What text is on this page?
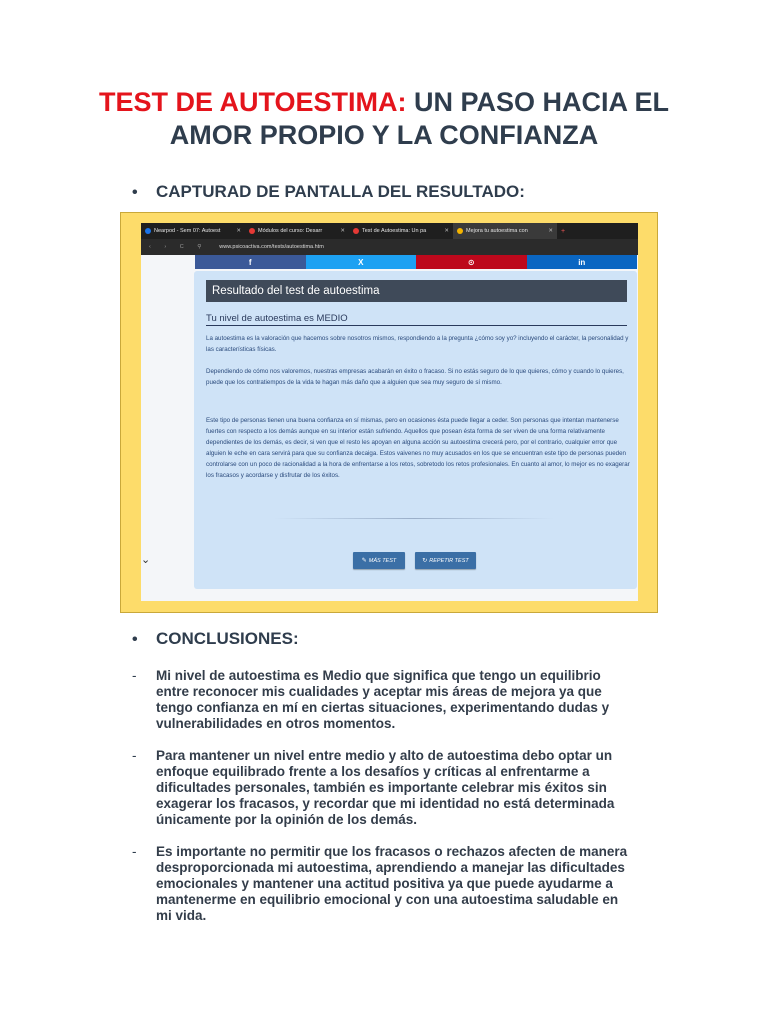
TEST DE AUTOESTIMA: UN PASO HACIA EL AMOR PROPIO Y LA CONFIANZA
• CAPTURAD DE PANTALLA DEL RESULTADO:
Nearpod - Sem 07: Autoest	✕	Módulos del curso: Desarr	✕	Test de Autoestima: Un pa	✕	Mejora tu autoestima con	✕	+
‹ › C ⚲ www.psicoactiva.com/tests/autoestima.htm
f	X	⊙	in
⌄
Resultado del test de autoestima
Tu nivel de autoestima es MEDIO

La autoestima es la valoración que hacemos sobre nosotros mismos, respondiendo a la pregunta ¿cómo soy yo? incluyendo el carácter, la personalidad y las características físicas.

Dependiendo de cómo nos valoremos, nuestras empresas acabarán en éxito o fracaso. Si no estás seguro de lo que quieres, cómo y cuando lo quieres, puede que los contratiempos de la vida te hagan más daño que a alguien que sea muy seguro de sí mismo.

Este tipo de personas tienen una buena confianza en sí mismas, pero en ocasiones ésta puede llegar a ceder. Son personas que intentan mantenerse fuertes con respecto a los demás aunque en su interior están sufriendo. Aquellos que posean ésta forma de ser viven de una forma relativamente dependientes de los demás, es decir, si ven que el resto les apoyan en alguna acción su autoestima crecerá pero, por el contrario, cualquier error que alguien le eche en cara servirá para que su confianza decaiga. Estos vaivenes no muy acusados en los que se encuentran este tipo de personas pueden controlarse con un poco de racionalidad a la hora de enfrentarse a los retos, sobretodo los retos profesionales. En cuanto al amor, lo mejor es no exagerar los fracasos y acordarse y disfrutar de los éxitos.

✎ MÁS TEST	↻ REPETIR TEST
• CONCLUSIONES:
- Mi nivel de autoestima es Medio que significa que tengo un equilibrio entre reconocer mis cualidades y aceptar mis áreas de mejora ya que tengo confianza en mí en ciertas situaciones, experimentando dudas y vulnerabilidades en otros momentos.

- Para mantener un nivel entre medio y alto de autoestima debo optar un enfoque equilibrado frente a los desafíos y críticas al enfrentarme a dificultades personales, también es importante celebrar mis éxitos sin exagerar los fracasos, y recordar que mi identidad no está determinada únicamente por la opinión de los demás.

- Es importante no permitir que los fracasos o rechazos afecten de manera desproporcionada mi autoestima, aprendiendo a manejar las dificultades emocionales y mantener una actitud positiva ya que puede ayudarme a mantenerme en equilibrio emocional y con una autoestima saludable en mi vida.
